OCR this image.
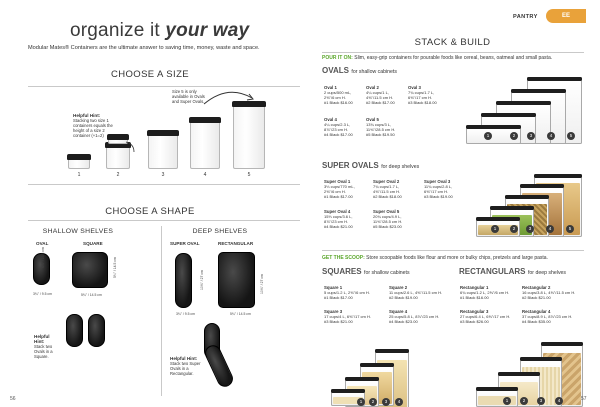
organize it your way
Modular Mates® Containers are the ultimate answer to saving time, money, waste and space.
CHOOSE A SIZE
Helpful Hint:
Stacking two size 1 containers equals the height of a size 2 container (+1=2)
Size 5 is only available in Ovals and Super Ovals.
1	2	3	4	5
CHOOSE A SHAPE
SHALLOW SHELVES
OVAL	SQUARE
3¾" / 9.5 cm	5¾" / 14.5 cm
6⅝" / 16.5 cm	5¾" / 14.5 cm
Helpful Hint:
Stack two Ovals in a Square.
DEEP SHELVES
SUPER OVAL	RECTANGULAR
3¾" / 9.5 cm	5¾" / 14.5 cm
10⅝" / 27 cm	10⅝" / 27 cm
Helpful Hint:
Stack two Super Ovals in a Rectangular.
56
PANTRY	EE
STACK & BUILD
POUR IT ON: Slim, easy-grip containers for pourable foods like cereal, beans, oatmeal and small pasta.
OVALS for shallow cabinets
Oval 1
2 cups/500 mL,
2⅝"/6 cm H.
#1 Black $16.00
Oval 2
4¼ cups/1 L,
4⅝"/11.5 cm H.
#2 Black $17.00
Oval 3
7¾ cups/1.7 L,
6⅝"/17 cm H.
#3 Black $18.00
Oval 4
4¼ cups/2.3 L,
8⅞"/23 cm H.
#4 Black $17.00
Oval 5
13¾ cups/3 L,
11⅜"/28.5 cm H.
#5 Black $19.50	1	2	3	4	5
SUPER OVALS for deep shelves
Super Oval 1
3⅓ cups/770 mL,
2⅝"/6 cm H.
#1 Black $17.00
Super Oval 2
7¾ cups/1.7 L,
4⅝"/11.5 cm H.
#2 Black $18.00
Super Oval 3
11¾ cups/2.8 L,
6⅝"/17 cm H.
#3 Black $19.00
Super Oval 4
15⅓ cups/3.6 L,
8⅞"/23 cm H.
#4 Black $21.00
Super Oval 5
20¾ cups/4.9 L,
11⅜"/28.5 cm H.
#5 Black $23.00	1	2	3	4	5
GET THE SCOOP: Store scoopable foods like flour and more or bulky chips, pretzels and large pasta.
SQUARES for shallow cabinets
Square 1
5 cups/1.2 L, 2⅝"/6 cm H.
#1 Black $17.00
Square 2
11 cups/2.6 L, 4⅝"/11.5 cm H.
#2 Black $19.00
Square 3
17 cups/4 L, 6⅝"/17 cm H.
#3 Black $21.00
Square 4
25 cups/5.8 L, 8⅞"/23 cm H.
#4 Black $23.00
1	2	3	4
RECTANGULARS for deep shelves
Rectangular 1
6¾ cups/1.2 L, 2⅝"/6 cm H.
#1 Black $16.00
Rectangular 2
16 cups/3.8 L, 4⅝"/11.5 cm H.
#2 Black $21.00
Rectangular 3
27 cups/6.4 L, 6⅝"/17 cm H.
#3 Black $26.00
Rectangular 4
37 cups/8.9 L, 8⅞"/23 cm H.
#4 Black $35.00
1	2	3	4	57
